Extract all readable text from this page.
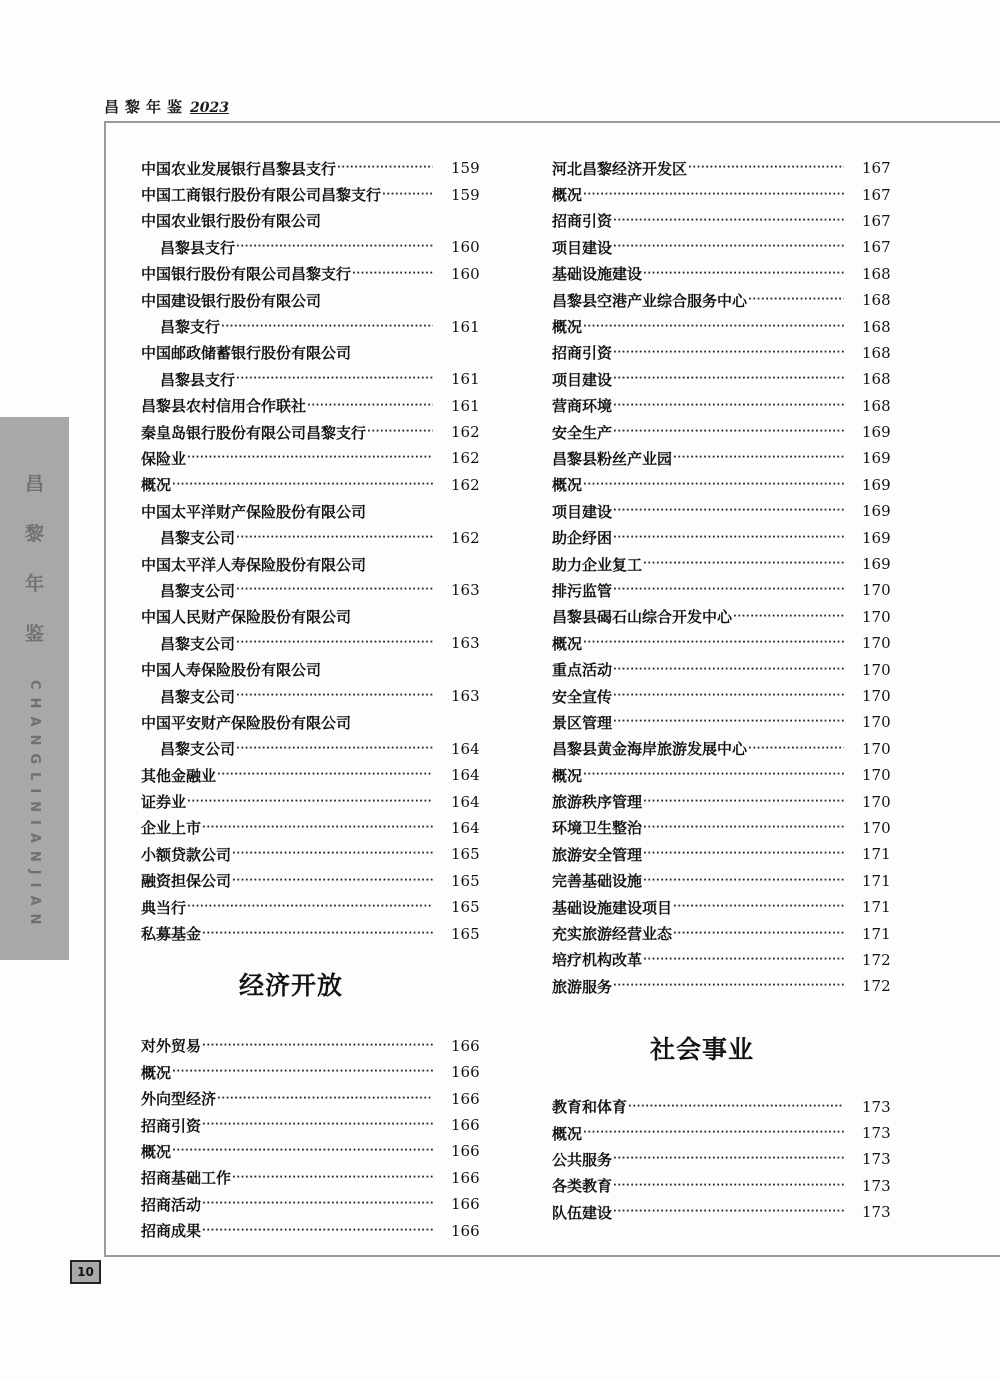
昌黎年鉴 2023
昌
黎
年
鉴
CHANGLINIANJIAN
10
中国农业发展银行昌黎县支行 ·····	159
中国工商银行股份有限公司昌黎支行 ·····	159
中国农业银行股份有限公司
昌黎县支行 ·····	160
中国银行股份有限公司昌黎支行 ·····	160
中国建设银行股份有限公司
昌黎支行 ·····	161
中国邮政储蓄银行股份有限公司
昌黎县支行 ·····	161
昌黎县农村信用合作联社 ·····	161
秦皇岛银行股份有限公司昌黎支行 ·····	162
保险业 ·····	162
概况 ·····	162
中国太平洋财产保险股份有限公司
昌黎支公司 ·····	162
中国太平洋人寿保险股份有限公司
昌黎支公司 ·····	163
中国人民财产保险股份有限公司
昌黎支公司 ·····	163
中国人寿保险股份有限公司
昌黎支公司 ·····	163
中国平安财产保险股份有限公司
昌黎支公司 ·····	164
其他金融业 ·····	164
证券业 ·····	164
企业上市 ·····	164
小额贷款公司 ·····	165
融资担保公司 ·····	165
典当行 ·····	165
私募基金 ·····	165
经济开放
对外贸易 ·····	166
概况 ·····	166
外向型经济 ·····	166
招商引资 ·····	166
概况 ·····	166
招商基础工作 ·····	166
招商活动 ·····	166
招商成果 ·····	166
河北昌黎经济开发区 ·····	167
概况 ·····	167
招商引资 ·····	167
项目建设 ·····	167
基础设施建设 ·····	168
昌黎县空港产业综合服务中心 ·····	168
概况 ·····	168
招商引资 ·····	168
项目建设 ·····	168
营商环境 ·····	168
安全生产 ·····	169
昌黎县粉丝产业园 ·····	169
概况 ·····	169
项目建设 ·····	169
助企纾困 ·····	169
助力企业复工 ·····	169
排污监管 ·····	170
昌黎县碣石山综合开发中心 ·····	170
概况 ·····	170
重点活动 ·····	170
安全宣传 ·····	170
景区管理 ·····	170
昌黎县黄金海岸旅游发展中心 ·····	170
概况 ·····	170
旅游秩序管理 ·····	170
环境卫生整治 ·····	170
旅游安全管理 ·····	171
完善基础设施 ·····	171
基础设施建设项目 ·····	171
充实旅游经营业态 ·····	171
培疗机构改革 ·····	172
旅游服务 ·····	172
社会事业
教育和体育 ·····	173
概况 ·····	173
公共服务 ·····	173
各类教育 ·····	173
队伍建设 ·····	173
